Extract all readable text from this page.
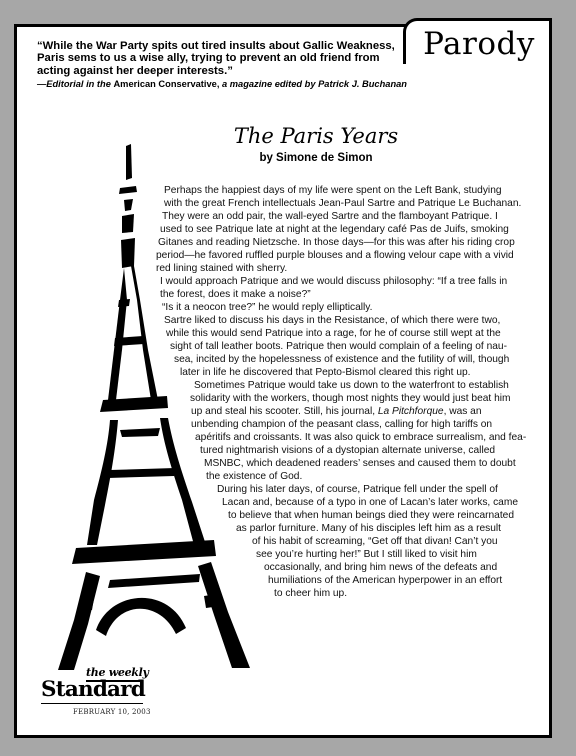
Parody
“While the War Party spits out tired insults about Gallic Weakness, Paris sems to us a wise ally, trying to prevent an old friend from acting against her deeper interests.”
—Editorial in the American Conservative, a magazine edited by Patrick J. Buchanan
The Paris Years
by Simone de Simon
Perhaps the happiest days of my life were spent on the Left Bank, studying
with the great French intellectuals Jean-Paul Sartre and Patrique Le Buchanan.
They were an odd pair, the wall-eyed Sartre and the flamboyant Patrique. I
used to see Patrique late at night at the legendary café Pas de Juifs, smoking
Gitanes and reading Nietzsche. In those days—for this was after his riding crop
period—he favored ruffled purple blouses and a flowing velour cape with a vivid
red lining stained with sherry.
I would approach Patrique and we would discuss philosophy: “If a tree falls in
the forest, does it make a noise?”
“Is it a neocon tree?” he would reply elliptically.
Sartre liked to discuss his days in the Resistance, of which there were two,
while this would send Patrique into a rage, for he of course still wept at the
sight of tall leather boots. Patrique then would complain of a feeling of nau-
sea, incited by the hopelessness of existence and the futility of will, though
later in life he discovered that Pepto-Bismol cleared this right up.
Sometimes Patrique would take us down to the waterfront to establish
solidarity with the workers, though most nights they would just beat him
up and steal his scooter. Still, his journal, La Pitchforque, was an
unbending champion of the peasant class, calling for high tariffs on
apéritifs and croissants. It was also quick to embrace surrealism, and fea-
tured nightmarish visions of a dystopian alternate universe, called
MSNBC, which deadened readers’ senses and caused them to doubt
the existence of God.
During his later days, of course, Patrique fell under the spell of
Lacan and, because of a typo in one of Lacan’s later works, came
to believe that when human beings died they were reincarnated
as parlor furniture. Many of his disciples left him as a result
of his habit of screaming, “Get off that divan! Can’t you
see you’re hurting her!” But I still liked to visit him
occasionally, and bring him news of the defeats and
humiliations of the American hyperpower in an effort
to cheer him up.
the weekly
Standard
FEBRUARY 10, 2003
